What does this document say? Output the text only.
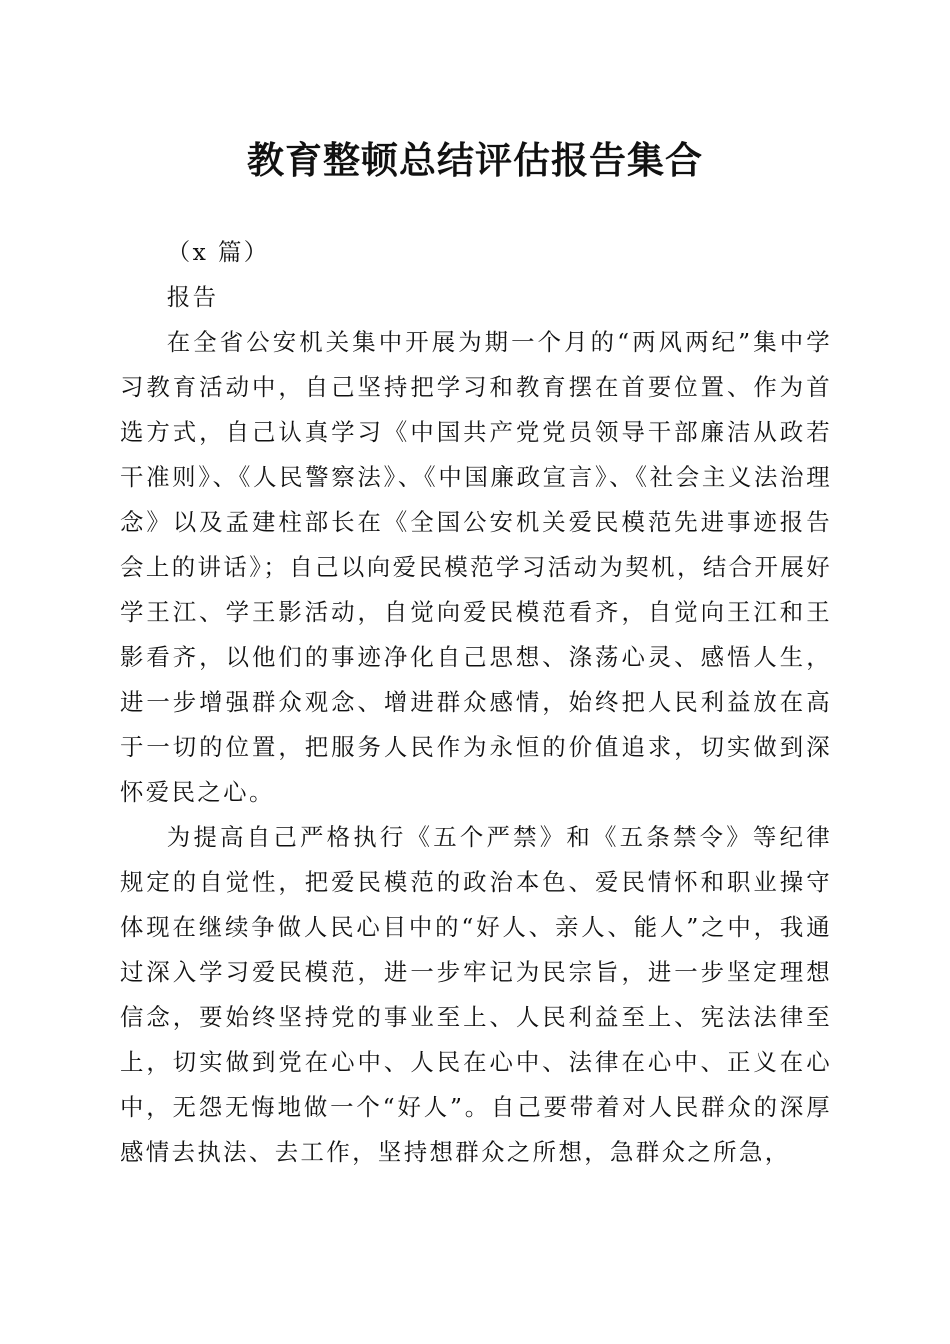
教育整顿总结评估报告集合

（x 篇）

报告

在全省公安机关集中开展为期一个月的“两风两纪”集中学习教育活动中，自己坚持把学习和教育摆在首要位置、作为首选方式，自己认真学习《中国共产党党员领导干部廉洁从政若干准则》、《人民警察法》、《中国廉政宣言》、《社会主义法治理念》以及孟建柱部长在《全国公安机关爱民模范先进事迹报告会上的讲话》；自己以向爱民模范学习活动为契机，结合开展好学王江、学王影活动，自觉向爱民模范看齐，自觉向王江和王影看齐，以他们的事迹净化自己思想、涤荡心灵、感悟人生，进一步增强群众观念、增进群众感情，始终把人民利益放在高于一切的位置，把服务人民作为永恒的价值追求，切实做到深怀爱民之心。

为提高自己严格执行《五个严禁》和《五条禁令》等纪律规定的自觉性，把爱民模范的政治本色、爱民情怀和职业操守体现在继续争做人民心目中的“好人、亲人、能人”之中，我通过深入学习爱民模范，进一步牢记为民宗旨，进一步坚定理想信念，要始终坚持党的事业至上、人民利益至上、宪法法律至上，切实做到党在心中、人民在心中、法律在心中、正义在心中，无怨无悔地做一个“好人”。自己要带着对人民群众的深厚感情去执法、去工作，坚持想群众之所想，急群众之所急，
